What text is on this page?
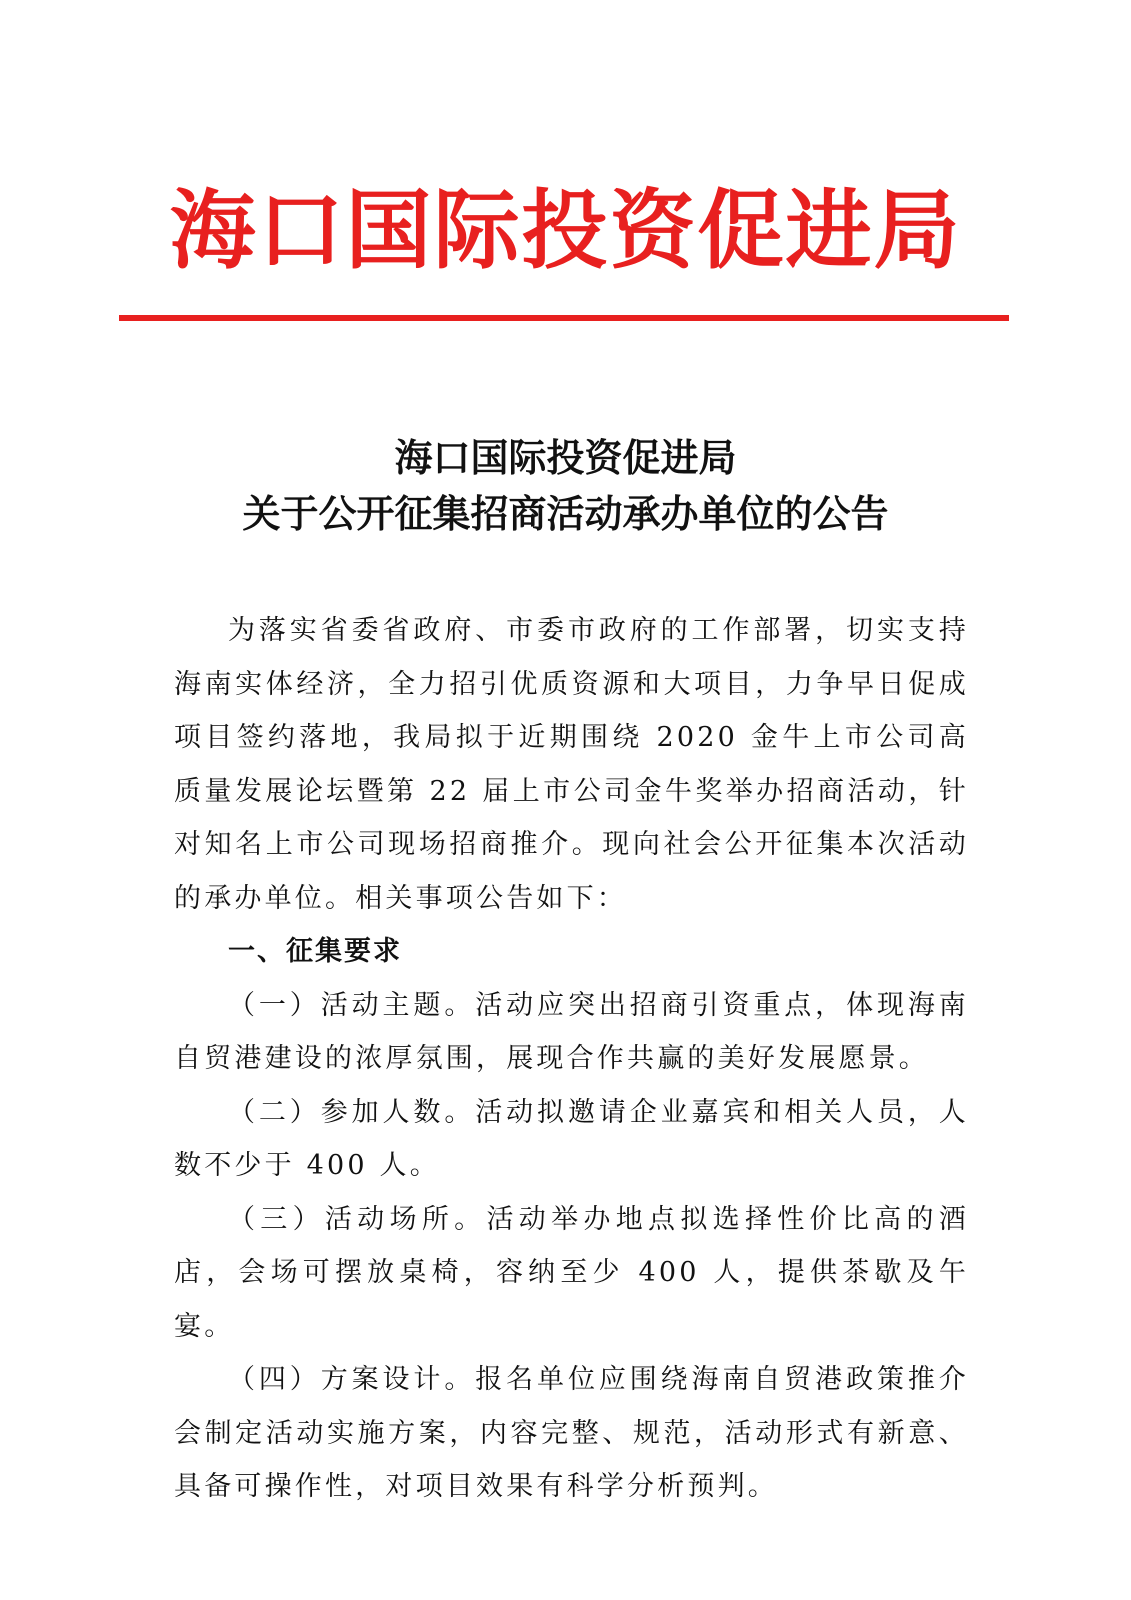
海口国际投资促进局
海口国际投资促进局
关于公开征集招商活动承办单位的公告

为落实省委省政府、市委市政府的工作部署，切实支持海南实体经济，全力招引优质资源和大项目，力争早日促成项目签约落地，我局拟于近期围绕 2020 金牛上市公司高质量发展论坛暨第 22 届上市公司金牛奖举办招商活动，针对知名上市公司现场招商推介。现向社会公开征集本次活动的承办单位。相关事项公告如下：

一、征集要求

（一）活动主题。活动应突出招商引资重点，体现海南自贸港建设的浓厚氛围，展现合作共赢的美好发展愿景。

（二）参加人数。活动拟邀请企业嘉宾和相关人员，人数不少于 400 人。

（三）活动场所。活动举办地点拟选择性价比高的酒店，会场可摆放桌椅，容纳至少 400 人，提供茶歇及午宴。

（四）方案设计。报名单位应围绕海南自贸港政策推介会制定活动实施方案，内容完整、规范，活动形式有新意、具备可操作性，对项目效果有科学分析预判。
